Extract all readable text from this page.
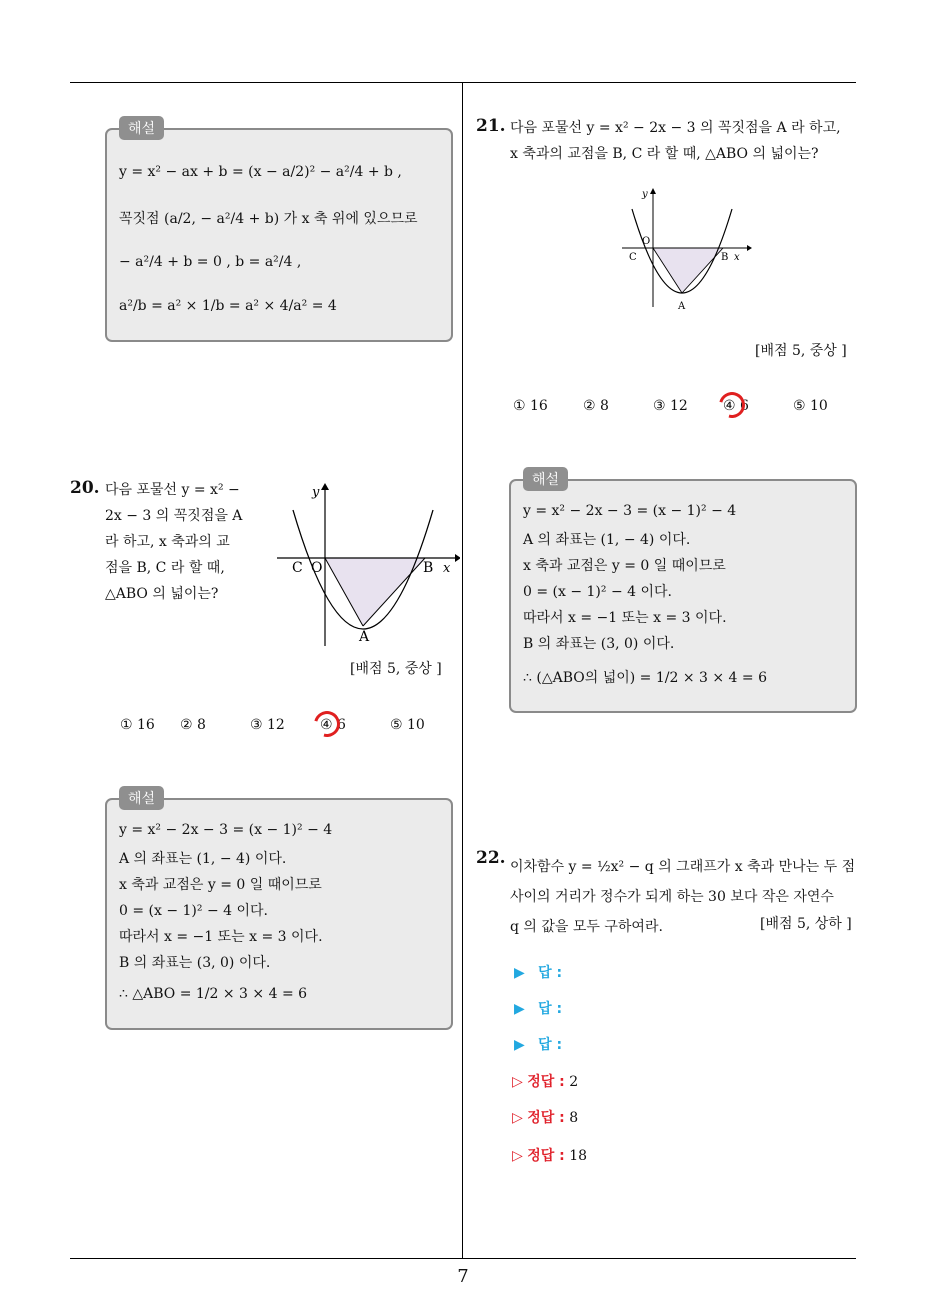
7
해설
y = x² − ax + b = (x − a/2)² − a²/4 + b ,
꼭짓점 (a/2, − a²/4 + b) 가 x 축 위에 있으므로
− a²/4 + b = 0 , b = a²/4 ,
a²/b = a² × 1/b = a² × 4/a² = 4
20. 다음 포물선 y = x² −
2x − 3 의 꼭짓점을 A
라 하고, x 축과의 교
점을 B, C 라 할 때,
△ABO 의 넓이는?
y
x
C O	B
A
[배점 5, 중상 ]
① 16 ② 8	③ 12	④ 6	⑤ 10
해설
y = x² − 2x − 3 = (x − 1)² − 4
A 의 좌표는 (1, − 4) 이다.
x 축과 교점은 y = 0 일 때이므로
0 = (x − 1)² − 4 이다.
따라서 x = −1 또는 x = 3 이다.
B 의 좌표는 (3, 0) 이다.
∴ △ABO = 1/2 × 3 × 4 = 6
21. 다음 포물선 y = x² − 2x − 3 의 꼭짓점을 A 라 하고,
x 축과의 교점을 B, C 라 할 때, △ABO 의 넓이는?
y
x
C
O
B
A
[배점 5, 중상 ]
① 16	② 8	③ 12	④ 6	⑤ 10
해설
y = x² − 2x − 3 = (x − 1)² − 4
A 의 좌표는 (1, − 4) 이다.
x 축과 교점은 y = 0 일 때이므로
0 = (x − 1)² − 4 이다.
따라서 x = −1 또는 x = 3 이다.
B 의 좌표는 (3, 0) 이다.
∴ (△ABO의 넓이) = 1/2 × 3 × 4 = 6
22. 이차함수 y = ½x² − q 의 그래프가 x 축과 만나는 두 점
사이의 거리가 정수가 되게 하는 30 보다 작은 자연수
q 의 값을 모두 구하여라.	[배점 5, 상하 ]
▶ 답 :
▶ 답 :
▶ 답 :
▷ 정답 : 2
▷ 정답 : 8
▷ 정답 : 18
